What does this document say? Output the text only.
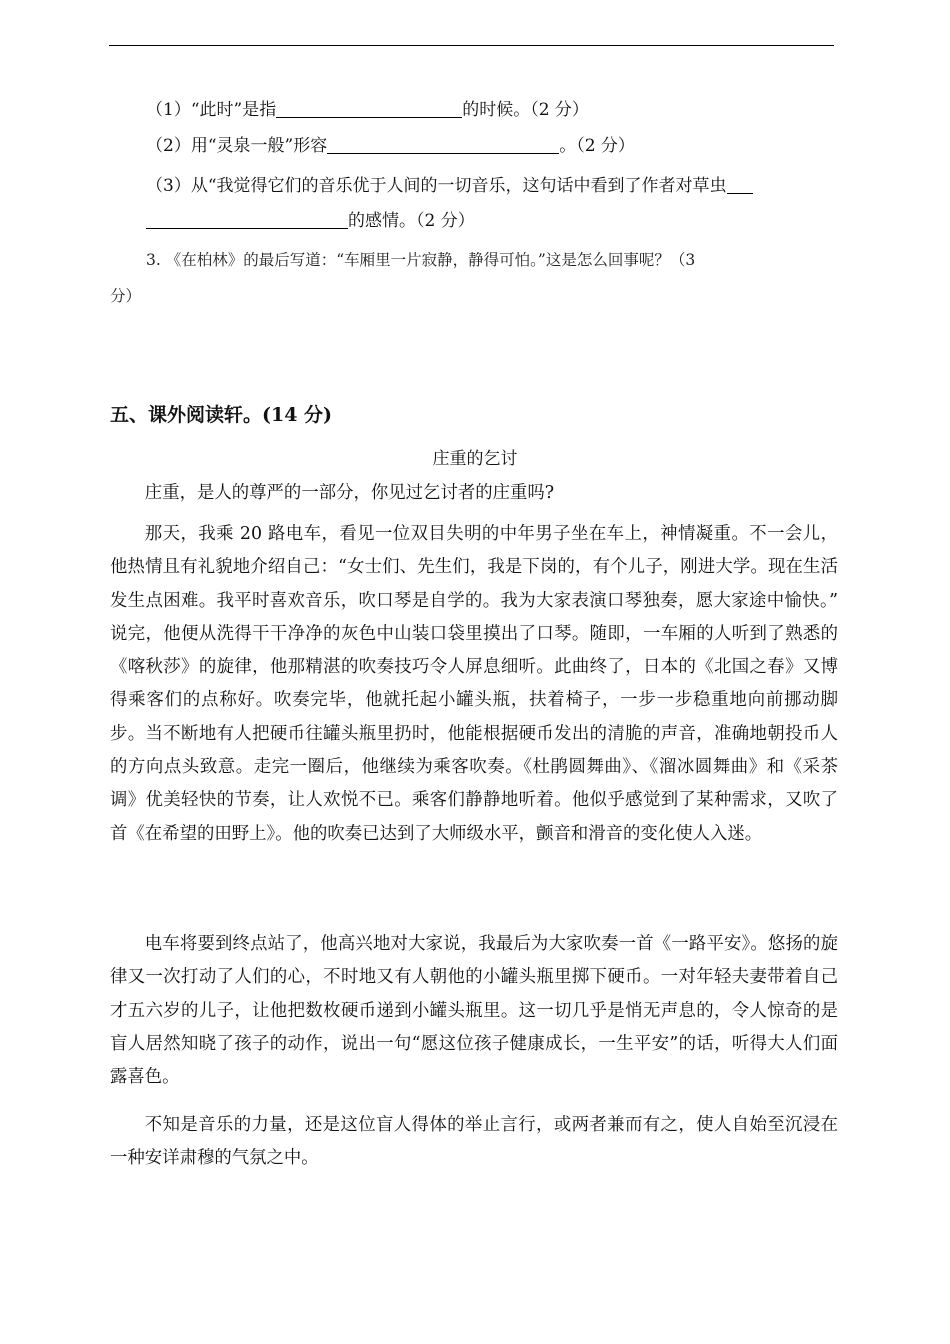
（1）“此时”是指	的时候。（2 分）
（2）用“灵泉一般”形容	。（2 分）
（3）从“我觉得它们的音乐优于人间的一切音乐，这句话中看到了作者对草虫
的感情。（2 分）
3. 《在柏林》的最后写道：“车厢里一片寂静，静得可怕。”这是怎么回事呢？（3
分）
五、课外阅读轩。(14 分)
庄重的乞讨

庄重，是人的尊严的一部分，你见过乞讨者的庄重吗?

那天，我乘 20 路电车，看见一位双目失明的中年男子坐在车上，神情凝重。不一会儿，他热情且有礼貌地介绍自己：“女士们、先生们，我是下岗的，有个儿子，刚进大学。现在生活发生点困难。我平时喜欢音乐，吹口琴是自学的。我为大家表演口琴独奏，愿大家途中愉快。” 说完，他便从洗得干干净净的灰色中山装口袋里摸出了口琴。随即，一车厢的人听到了熟悉的《喀秋莎》的旋律，他那精湛的吹奏技巧令人屏息细听。此曲终了，日本的《北国之春》又博得乘客们的点称好。吹奏完毕，他就托起小罐头瓶，扶着椅子，一步一步稳重地向前挪动脚步。当不断地有人把硬币往罐头瓶里扔时，他能根据硬币发出的清脆的声音，准确地朝投币人的方向点头致意。走完一圈后，他继续为乘客吹奏。《杜鹃圆舞曲》、《溜冰圆舞曲》和《采茶调》优美轻快的节奏，让人欢悦不已。乘客们静静地听着。他似乎感觉到了某种需求，又吹了首《在希望的田野上》。他的吹奏已达到了大师级水平，颤音和滑音的变化使人入迷。

电车将要到终点站了，他高兴地对大家说，我最后为大家吹奏一首《一路平安》。悠扬的旋律又一次打动了人们的心，不时地又有人朝他的小罐头瓶里掷下硬币。一对年轻夫妻带着自己才五六岁的儿子，让他把数枚硬币递到小罐头瓶里。这一切几乎是悄无声息的，令人惊奇的是盲人居然知晓了孩子的动作，说出一句“愿这位孩子健康成长，一生平安”的话，听得大人们面露喜色。

不知是音乐的力量，还是这位盲人得体的举止言行，或两者兼而有之，使人自始至沉浸在一种安详肃穆的气氛之中。
